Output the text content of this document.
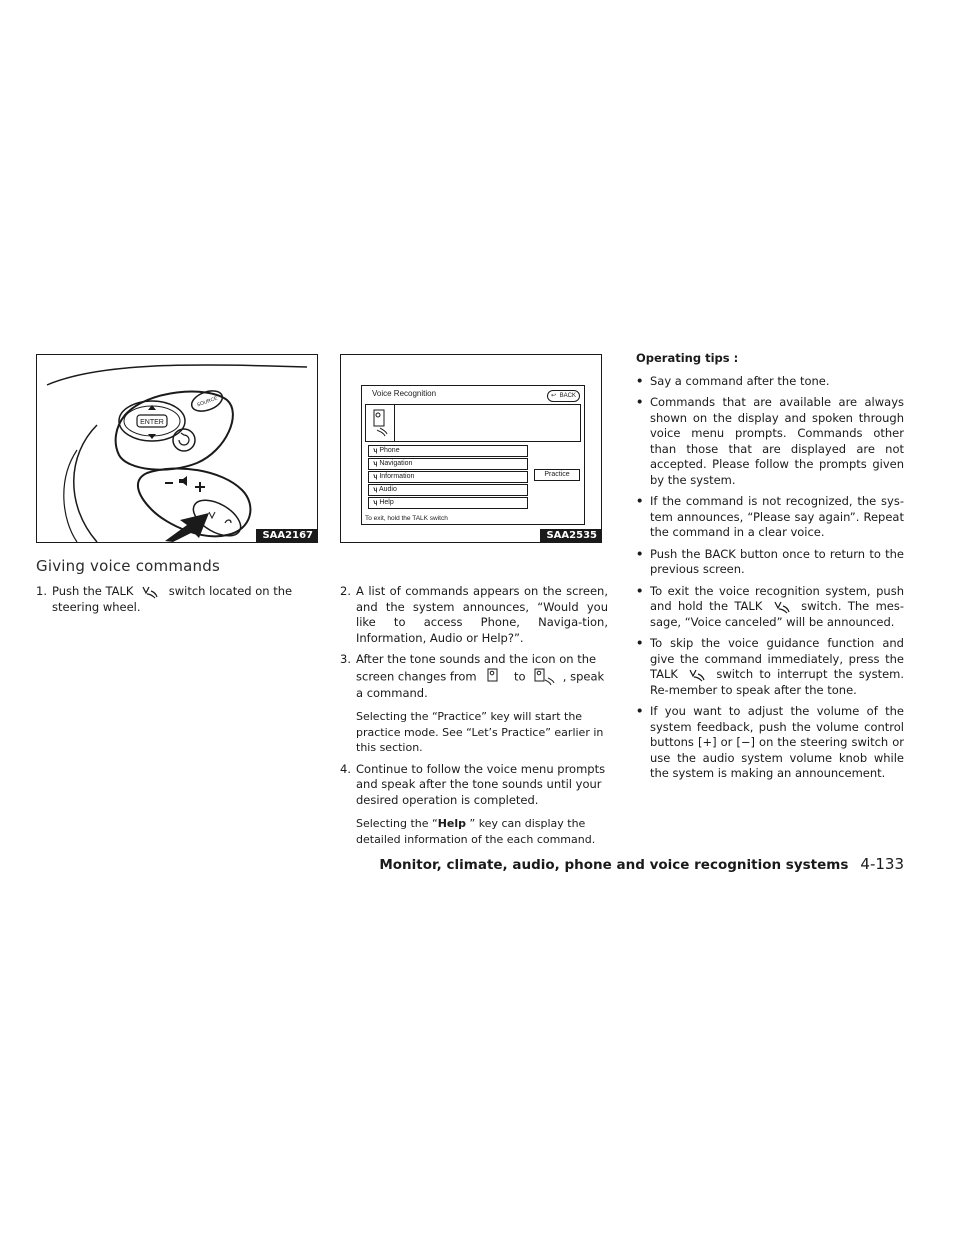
ENTER
SOURCE
SAA2167
Voice Recognition	↩ BACK
ʮ Phone
ʮ Navigation
ʮ Information
ʮ Audio
ʮ Help
Practice
To exit, hold the TALK switch
SAA2535
Giving voice commands
1. Push the TALK	switch located on the steering wheel.
2. A list of commands appears on the screen, and the system announces, “Would you like to access Phone, Naviga-tion, Information, Audio or Help?”.
3. After the tone sounds and the icon on the screen changes from	to	, speak a command.
Selecting the “Practice” key will start the practice mode. See “Let’s Practice” earlier in this section.
4. Continue to follow the voice menu prompts and speak after the tone sounds until your desired operation is completed.
Selecting the “Help ” key can display the detailed information of the each command.
Operating tips :
• Say a command after the tone.
• Commands that are available are always shown on the display and spoken through voice menu prompts. Commands other than those that are displayed are not accepted. Please follow the prompts given by the system.
• If the command is not recognized, the sys-tem announces, “Please say again”. Repeat the command in a clear voice.
• Push the BACK button once to return to the previous screen.
• To exit the voice recognition system, push and hold the TALK	switch. The mes-sage, “Voice canceled” will be announced.
• To skip the voice guidance function and give the command immediately, press the TALK	switch to interrupt the system. Re-member to speak after the tone.
• If you want to adjust the volume of the system feedback, push the volume control buttons [+] or [−] on the steering switch or use the audio system volume knob while the system is making an announcement.
Monitor, climate, audio, phone and voice recognition systems 4-133
